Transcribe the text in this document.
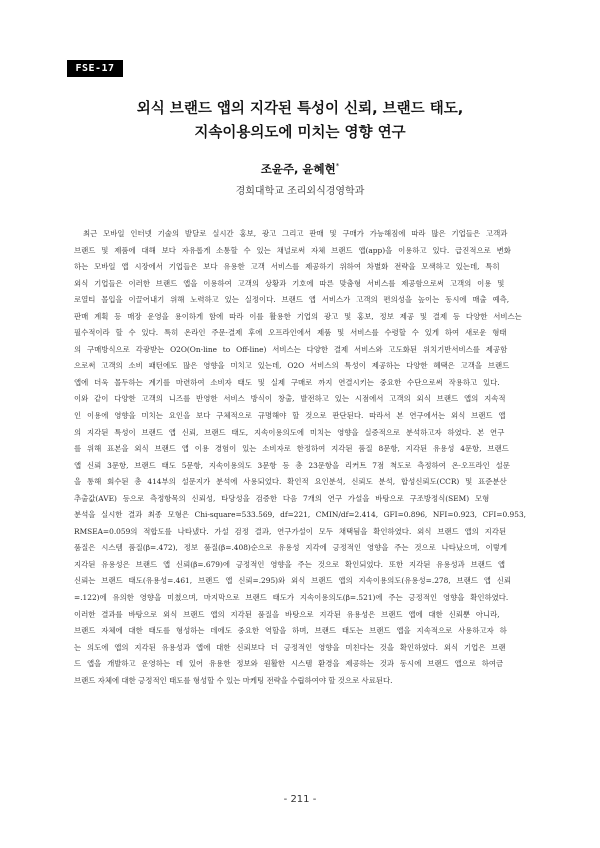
FSE-17
외식 브랜드 앱의 지각된 특성이 신뢰, 브랜드 태도,
지속이용의도에 미치는 영향 연구
조윤주, 윤혜현*
경희대학교 조리외식경영학과
최근 모바일 인터넷 기술의 발달로 실시간 홍보, 광고 그리고 판매 및 구매가 가능해짐에 따라 많은 기업들은 고객과
브랜드 및 제품에 대해 보다 자유롭게 소통할 수 있는 채널로써 자체 브랜드 앱(app)을 이용하고 있다. 급진적으로 변화
하는 모바일 앱 시장에서 기업들은 보다 유용한 고객 서비스를 제공하기 위하여 차별화 전략을 모색하고 있는데, 특히
외식 기업들은 이러한 브랜드 앱을 이용하여 고객의 상황과 기호에 따른 맞춤형 서비스를 제공함으로써 고객의 이용 및
로열티 몰입을 이끌어내기 위해 노력하고 있는 실정이다. 브랜드 앱 서비스가 고객의 편의성을 높이는 동시에 매출 예측,
판매 계획 등 매장 운영을 용이하게 함에 따라 이를 활용한 기업의 광고 및 홍보, 정보 제공 및 결제 등 다양한 서비스는
필수적이라 할 수 있다. 특히 온라인 주문·결제 후에 오프라인에서 제품 및 서비스를 수령할 수 있게 하여 새로운 형태
의 구매방식으로 각광받는 O2O(On-line to Off-line) 서비스는 다양한 결제 서비스와 고도화된 위치기반서비스를 제공함
으로써 고객의 소비 패턴에도 많은 영향을 미치고 있는데, O2O 서비스의 특성이 제공하는 다양한 혜택은 고객을 브랜드
앱에 더욱 몰두하는 계기를 마련하여 소비자 태도 및 실제 구매로 까지 연결시키는 중요한 수단으로써 작용하고 있다.
이와 같이 다양한 고객의 니즈를 반영한 서비스 방식이 창출, 발전하고 있는 시점에서 고객의 외식 브랜드 앱의 지속적
인 이용에 영향을 미치는 요인을 보다 구체적으로 규명해야 할 것으로 판단된다. 따라서 본 연구에서는 외식 브랜드 앱
의 지각된 특성이 브랜드 앱 신뢰, 브랜드 태도, 지속이용의도에 미치는 영향을 실증적으로 분석하고자 하였다. 본 연구
를 위해 표본을 외식 브랜드 앱 이용 경험이 있는 소비자로 한정하여 지각된 품질 8문항, 지각된 유용성 4문항, 브랜드
앱 신뢰 3문항, 브랜드 태도 5문항, 지속이용의도 3문항 등 총 23문항을 리커트 7점 척도로 측정하여 온·오프라인 설문
을 통해 회수된 총 414부의 설문지가 분석에 사용되었다. 확인적 요인분석, 신뢰도 분석, 합성신뢰도(CCR) 및 표준분산
추출값(AVE) 등으로 측정항목의 신뢰성, 타당성을 검증한 다음 7개의 연구 가설을 바탕으로 구조방정식(SEM) 모형
분석을 실시한 결과 최종 모형은 Chi-square=533.569, df=221, CMIN/df=2.414, GFI=0.896, NFI=0.923, CFI=0.953,
RMSEA=0.059의 적합도를 나타냈다. 가설 검정 결과, 연구가설이 모두 채택됨을 확인하였다. 외식 브랜드 앱의 지각된
품질은 시스템 품질(β=.472), 정보 품질(β=.408)순으로 유용성 지각에 긍정적인 영향을 주는 것으로 나타났으며, 이렇게
지각된 유용성은 브랜드 앱 신뢰(β=.679)에 긍정적인 영향을 주는 것으로 확인되었다. 또한 지각된 유용성과 브랜드 앱
신뢰는 브랜드 태도(유용성=.461, 브랜드 앱 신뢰=.295)와 외식 브랜드 앱의 지속이용의도(유용성=.278, 브랜드 앱 신뢰
=.122)에 유의한 영향을 미쳤으며, 마지막으로 브랜드 태도가 지속이용의도(β=.521)에 주는 긍정적인 영향을 확인하였다.
이러한 결과를 바탕으로 외식 브랜드 앱의 지각된 품질을 바탕으로 지각된 유용성은 브랜드 앱에 대한 신뢰뿐 아니라,
브랜드 자체에 대한 태도를 형성하는 데에도 중요한 역할을 하며, 브랜드 태도는 브랜드 앱을 지속적으로 사용하고자 하
는 의도에 앱의 지각된 유용성과 앱에 대한 신뢰보다 더 긍정적인 영향을 미친다는 것을 확인하였다. 외식 기업은 브랜
드 앱을 개발하고 운영하는 데 있어 유용한 정보와 원활한 시스템 환경을 제공하는 것과 동시에 브랜드 앱으로 하여금
브랜드 자체에 대한 긍정적인 태도를 형성할 수 있는 마케팅 전략을 수립하여야 할 것으로 사료된다.
- 211 -
